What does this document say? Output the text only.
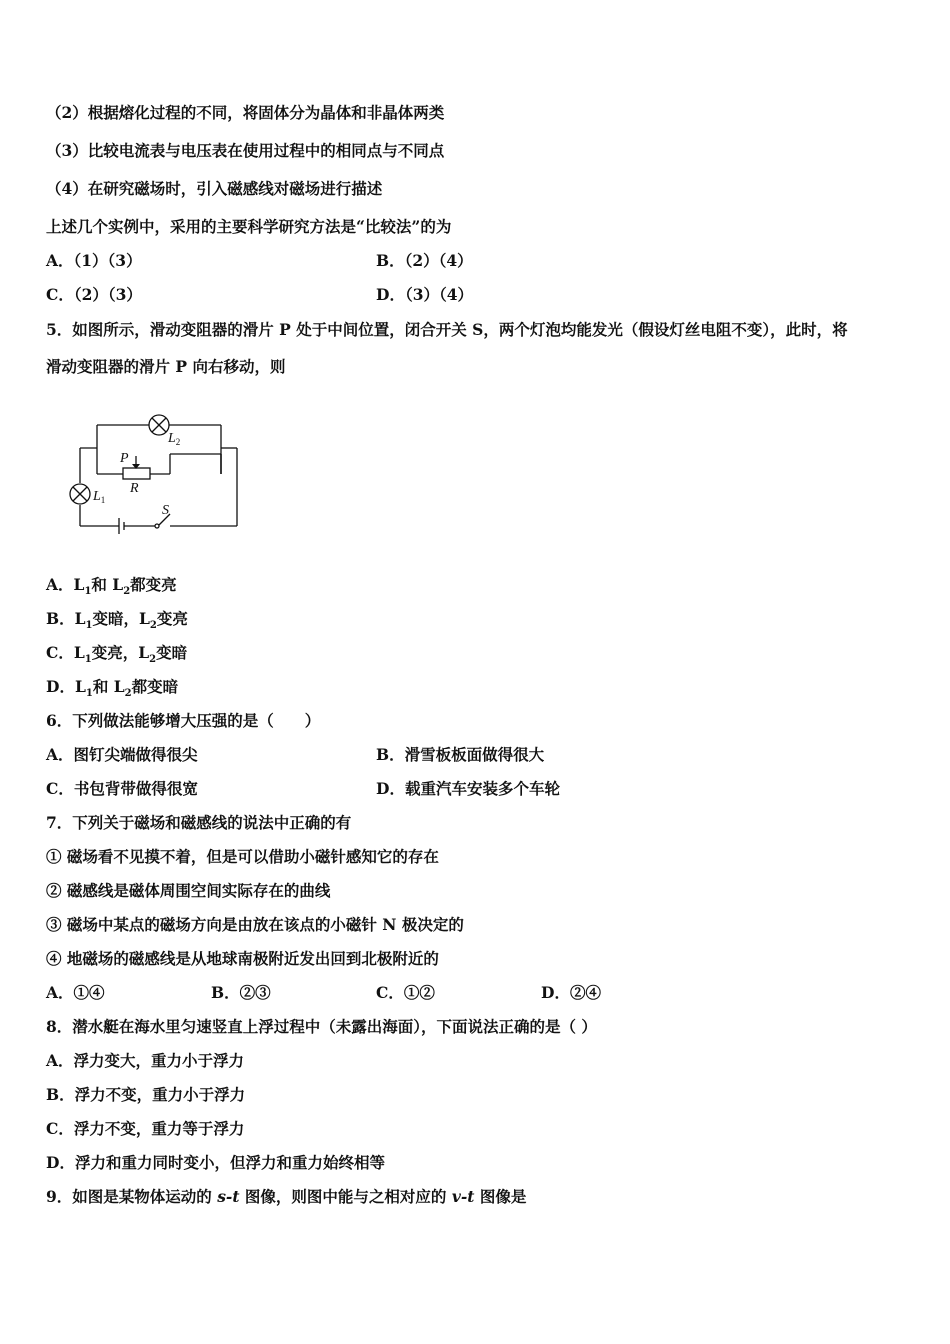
（2）根据熔化过程的不同，将固体分为晶体和非晶体两类
（3）比较电流表与电压表在使用过程中的相同点与不同点
（4）在研究磁场时，引入磁感线对磁场进行描述
上述几个实例中，采用的主要科学研究方法是“比较法”的为
A．（1）（3）	B．（2）（4）
C．（2）（3）	D．（3）（4）
5．如图所示，滑动变阻器的滑片 P 处于中间位置，闭合开关 S，两个灯泡均能发光（假设灯丝电阻不变），此时，将
滑动变阻器的滑片 P 向右移动，则
$L_2$
P
R
$L_1$
S
A．$L_1$和 $L_2$都变亮
B．$L_1$变暗，$L_2$变亮
C．$L_1$变亮，$L_2$变暗
D．$L_1$和 $L_2$都变暗
6．下列做法能够增大压强的是（　　）
A．图钉尖端做得很尖	B．滑雪板板面做得很大
C．书包背带做得很宽	D．载重汽车安装多个车轮
7．下列关于磁场和磁感线的说法中正确的有
① 磁场看不见摸不着，但是可以借助小磁针感知它的存在
② 磁感线是磁体周围空间实际存在的曲线
③ 磁场中某点的磁场方向是由放在该点的小磁针 N 极决定的
④ 地磁场的磁感线是从地球南极附近发出回到北极附近的
A．①④	B．②③	C．①②	D．②④
8．潜水艇在海水里匀速竖直上浮过程中（未露出海面），下面说法正确的是（ ）
A．浮力变大，重力小于浮力
B．浮力不变，重力小于浮力
C．浮力不变，重力等于浮力
D．浮力和重力同时变小，但浮力和重力始终相等
9．如图是某物体运动的 s-t 图像，则图中能与之相对应的 v-t 图像是
